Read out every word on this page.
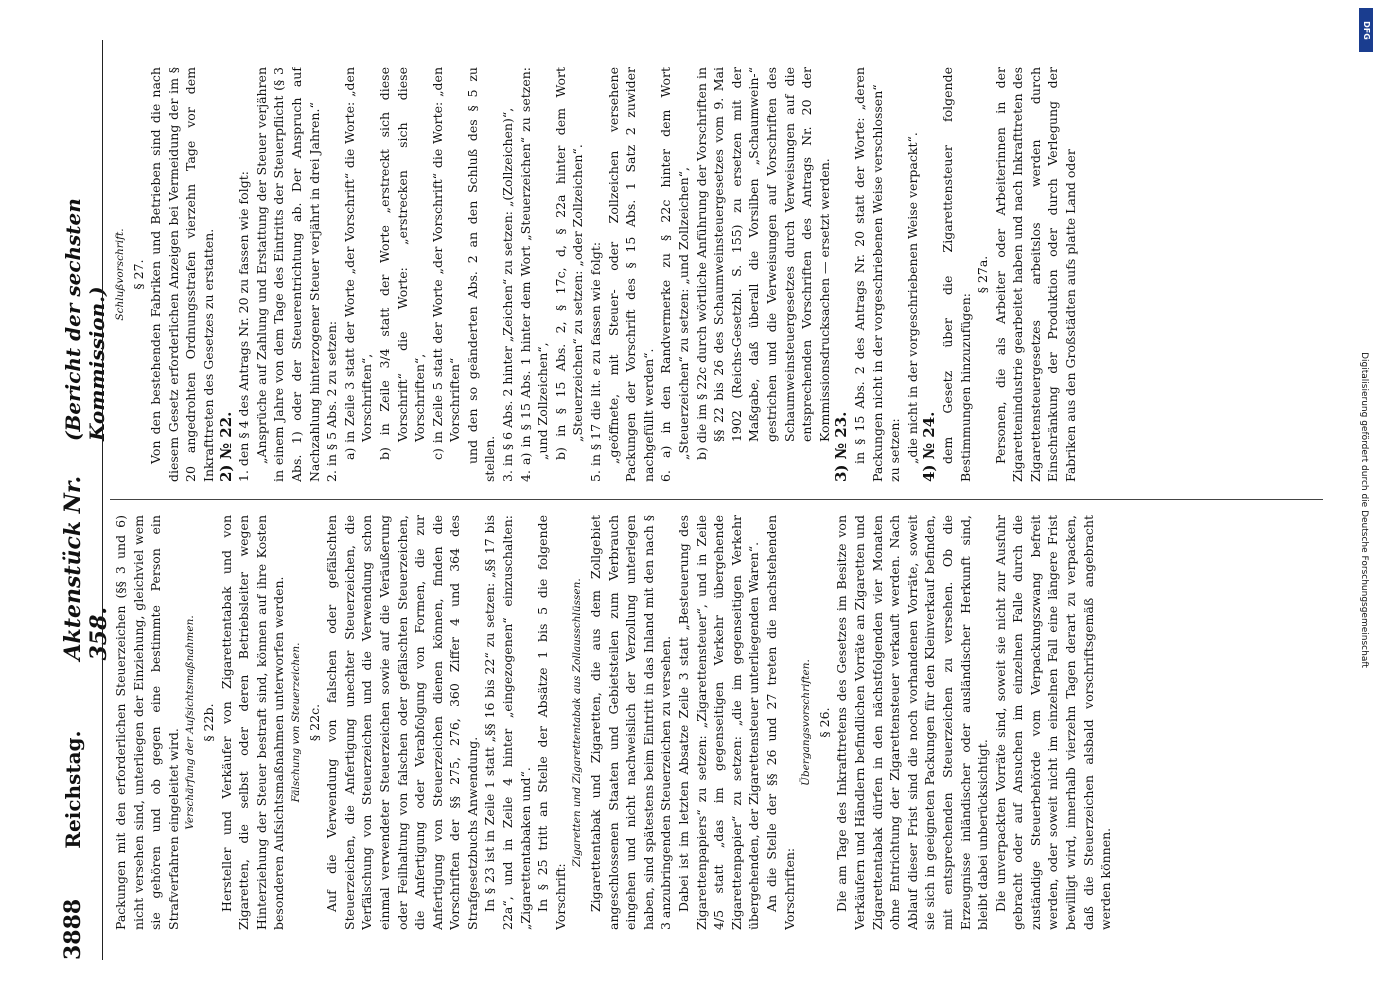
3888
Reichstag.
Aktenstück Nr. 358.
(Bericht der sechsten Kommission.)

Packungen mit den erforderlichen Steuerzeichen (§§ 3 und 6) nicht versehen sind, unterliegen der Einziehung, gleichviel wem sie gehören und ob gegen eine bestimmte Person ein Strafverfahren eingeleitet wird. Verschärfung der Aufsichtsmaßnahmen. § 22b. Hersteller und Verkäufer von Zigarettentabak und von Zigaretten, die selbst oder deren Betriebsleiter wegen Hinterziehung der Steuer bestraft sind, können auf ihre Kosten besonderen Aufsichtsmaßnahmen unterworfen werden. Fälschung von Steuerzeichen. § 22c. Auf die Verwendung von falschen oder gefälschten Steuerzeichen, die Anfertigung unechter Steuerzeichen, die Verfälschung von Steuerzeichen und die Verwendung schon einmal verwendeter Steuerzeichen sowie auf die Veräußerung oder Feilhaltung von falschen oder gefälschten Steuerzeichen, die Anfertigung oder Verabfolgung von Formen, die zur Anfertigung von Steuerzeichen dienen können, finden die Vorschriften der §§ 275, 276, 360 Ziffer 4 und 364 des Strafgesetzbuchs Anwendung. In § 23 ist in Zeile 1 statt „§§ 16 bis 22“ zu setzen: „§§ 17 bis 22a“, und in Zeile 4 hinter „eingezogenen“ einzuschalten: „Zigarettentabaken und“. In § 25 tritt an Stelle der Absätze 1 bis 5 die folgende Vorschrift:

Zigaretten und Zigarettentabak aus Zollausschlüssen. Zigarettentabak und Zigaretten, die aus dem Zollgebiet angeschlossenen Staaten und Gebietsteilen zum Verbrauch eingehen und nicht nachweislich der Verzollung unterlegen haben, sind spätestens beim Eintritt in das Inland mit den nach § 3 anzubringenden Steuerzeichen zu versehen. Dabei ist im letzten Absatze Zeile 3 statt „Besteuerung des Zigarettenpapiers“ zu setzen: „Zigarettensteuer“, und in Zeile 4/5 statt „das im gegenseitigen Verkehr übergehende Zigarettenpapier“ zu setzen: „die im gegenseitigen Verkehr übergehenden, der Zigarettensteuer unterliegenden Waren“. An die Stelle der §§ 26 und 27 treten die nachstehenden Vorschriften:

Übergangsvorschriften. § 26. Die am Tage des Inkrafttretens des Gesetzes im Besitze von Verkäufern und Händlern befindlichen Vorräte an Zigaretten und Zigarettentabak dürfen in den nächstfolgenden vier Monaten ohne Entrichtung der Zigarettensteuer verkauft werden. Nach Ablauf dieser Frist sind die noch vorhandenen Vorräte, soweit sie sich in geeigneten Packungen für den Kleinverkauf befinden, mit entsprechenden Steuerzeichen zu versehen. Ob die Erzeugnisse inländischer oder ausländischer Herkunft sind, bleibt dabei unberücksichtigt. Die unverpackten Vorräte sind, soweit sie nicht zur Ausfuhr gebracht oder auf Ansuchen im einzelnen Falle durch die zuständige Steuerbehörde vom Verpackungszwang befreit werden, oder soweit nicht im einzelnen Fall eine längere Frist bewilligt wird, innerhalb vierzehn Tagen derart zu verpacken, daß die Steuerzeichen alsbald vorschriftsgemäß angebracht werden können.

Schlußvorschrift. § 27. Von den bestehenden Fabriken und Betrieben sind die nach diesem Gesetz erforderlichen Anzeigen bei Vermeidung der im § 20 angedrohten Ordnungsstrafen vierzehn Tage vor dem Inkrafttreten des Gesetzes zu erstatten. 2) № 22. 1. den § 4 des Antrags Nr. 20 zu fassen wie folgt: „Ansprüche auf Zahlung und Erstattung der Steuer verjähren in einem Jahre von dem Tage des Eintritts der Steuerpflicht (§ 3 Abs. 1) oder der Steuerentrichtung ab. Der Anspruch auf Nachzahlung hinterzogener Steuer verjährt in drei Jahren.“ 2. in § 5 Abs. 2 zu setzen: a) in Zeile 3 statt der Worte „der Vorschrift“ die Worte: „den Vorschriften“, b) in Zeile 3/4 statt der Worte „erstreckt sich diese Vorschrift“ die Worte: „erstrecken sich diese Vorschriften“, c) in Zeile 5 statt der Worte „der Vorschrift“ die Worte: „den Vorschriften“ und den so geänderten Abs. 2 an den Schluß des § 5 zu stellen. 3. in § 6 Abs. 2 hinter „Zeichen“ zu setzen: „(Zollzeichen)“, 4. a) in § 15 Abs. 1 hinter dem Wort „Steuerzeichen“ zu setzen: „und Zollzeichen“, b) in § 15 Abs. 2, § 17c, d, § 22a hinter dem Wort „Steuerzeichen“ zu setzen: „oder Zollzeichen“. 5. in § 17 die lit. e zu fassen wie folgt: „geöffnete, mit Steuer- oder Zollzeichen versehene Packungen der Vorschrift des § 15 Abs. 1 Satz 2 zuwider nachgefüllt werden“. 6. a) in den Randvermerke zu § 22c hinter dem Wort „Steuerzeichen“ zu setzen: „und Zollzeichen“, b) die im § 22c durch wörtliche Anführung der Vorschriften in §§ 22 bis 26 des Schaumweinsteuergesetzes vom 9. Mai 1902 (Reichs-Gesetzbl. S. 155) zu ersetzen mit der Maßgabe, daß überall die Vorsilben „Schaumwein-“ gestrichen und die Verweisungen auf Vorschriften des Schaumweinsteuergesetzes durch Verweisungen auf die entsprechenden Vorschriften des Antrags Nr. 20 der Kommissionsdrucksachen — ersetzt werden.

3) № 23. in § 15 Abs. 2 des Antrags Nr. 20 statt der Worte: „deren Packungen nicht in der vorgeschriebenen Weise verschlossen“ zu setzen: „die nicht in der vorgeschriebenen Weise verpackt“. 4) № 24. dem Gesetz über die Zigarettensteuer folgende Bestimmungen hinzuzufügen:

§ 27a. Personen, die als Arbeiter oder Arbeiterinnen in der Zigarettenindustrie gearbeitet haben und nach Inkrafttreten des Zigarettensteuergesetzes arbeitslos werden durch Einschränkung der Produktion oder durch Verlegung der Fabriken aus den Großstädten aufs platte Land oder

DFG
Digitalisierung gefördert durch die Deutsche Forschungsgemeinschaft
